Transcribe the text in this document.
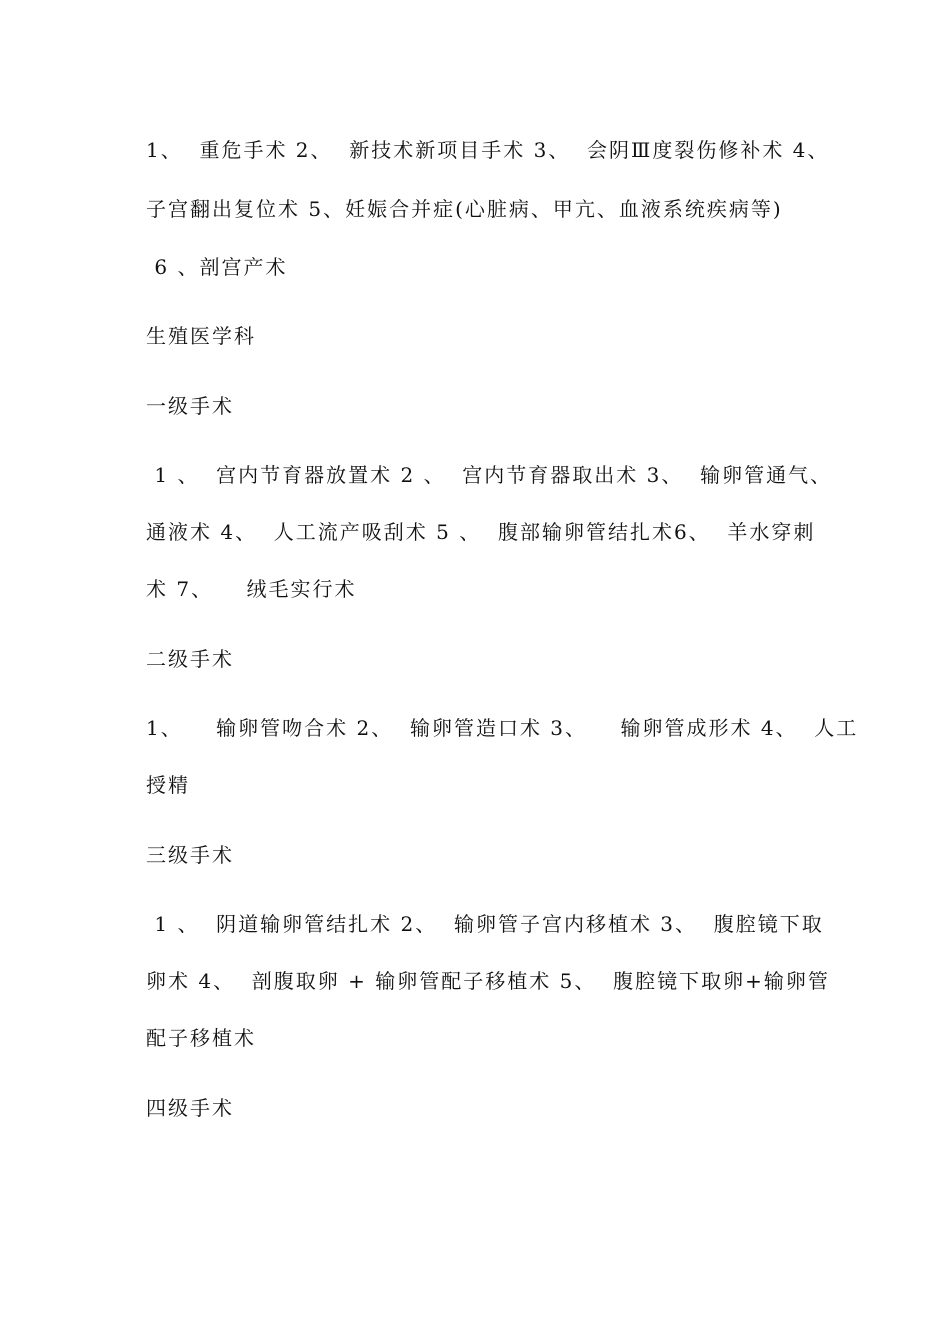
1、  重危手术 2、  新技术新项目手术 3、  会阴Ⅲ度裂伤修补术 4、
子宫翻出复位术 5、妊娠合并症(心脏病、甲亢、血液系统疾病等)
6 、剖宫产术
生殖医学科
一级手术
1 、  宫内节育器放置术 2 、  宫内节育器取出术 3、  输卵管通气、
通液术 4、  人工流产吸刮术 5 、  腹部输卵管结扎术6、  羊水穿刺
术 7、    绒毛实行术
二级手术
1、    输卵管吻合术 2、  输卵管造口术 3、    输卵管成形术 4、  人工
授精
三级手术
1 、  阴道输卵管结扎术 2、  输卵管子宫内移植术 3、  腹腔镜下取
卵术 4、  剖腹取卵 + 输卵管配子移植术 5、  腹腔镜下取卵+输卵管
配子移植术
四级手术
